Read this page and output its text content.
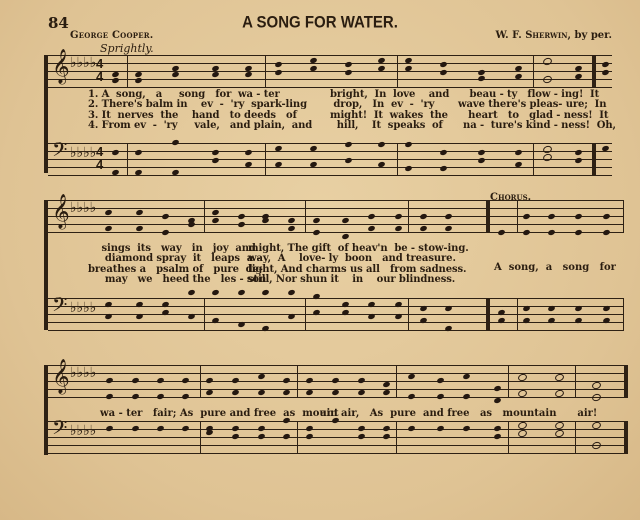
84	A SONG FOR WATER.
George Cooper.	W. F. Sherwin, by per.
Sprightly.
𝄞 ♭♭♭♭ 4
4
𝄢 ♭♭♭♭ 4
4
1. A  song,   a     song   for  wa - ter
2. There's balm in    ev  -  'ry  spark-ling
3. It  nerves  the    hand   to deeds   of
4. From ev  -  'ry     vale,   and plain,  and
bright,  In  love    and      beau - ty   flow - ing!  It
drop,   In  ev  -  'ry       wave there's pleas- ure;  In
might!  It  wakes  the      heart   to   glad - ness!  It
hill,    It  speaks  of      na -  ture's kind - ness!  Oh,
𝄞 ♭♭♭♭
𝄢 ♭♭♭♭
Chorus.
sings  its   way   in   joy  and
diamond spray  it   leaps  a -
breathes a   psalm of   pure  de-
may   we   heed the   les - son
might, The gift  of heav'n  be - stow-ing.
way,  A    love- ly  boon   and treasure.
light, And charms us all   from sadness.
still, Nor shun it    in    our blindness.
A  song,  a   song   for
𝄞 ♭♭♭♭
𝄢 ♭♭♭♭
wa - ter   fair; As  pure and free  as  mount
ain air,   As  pure  and free   as   mountain      air!
